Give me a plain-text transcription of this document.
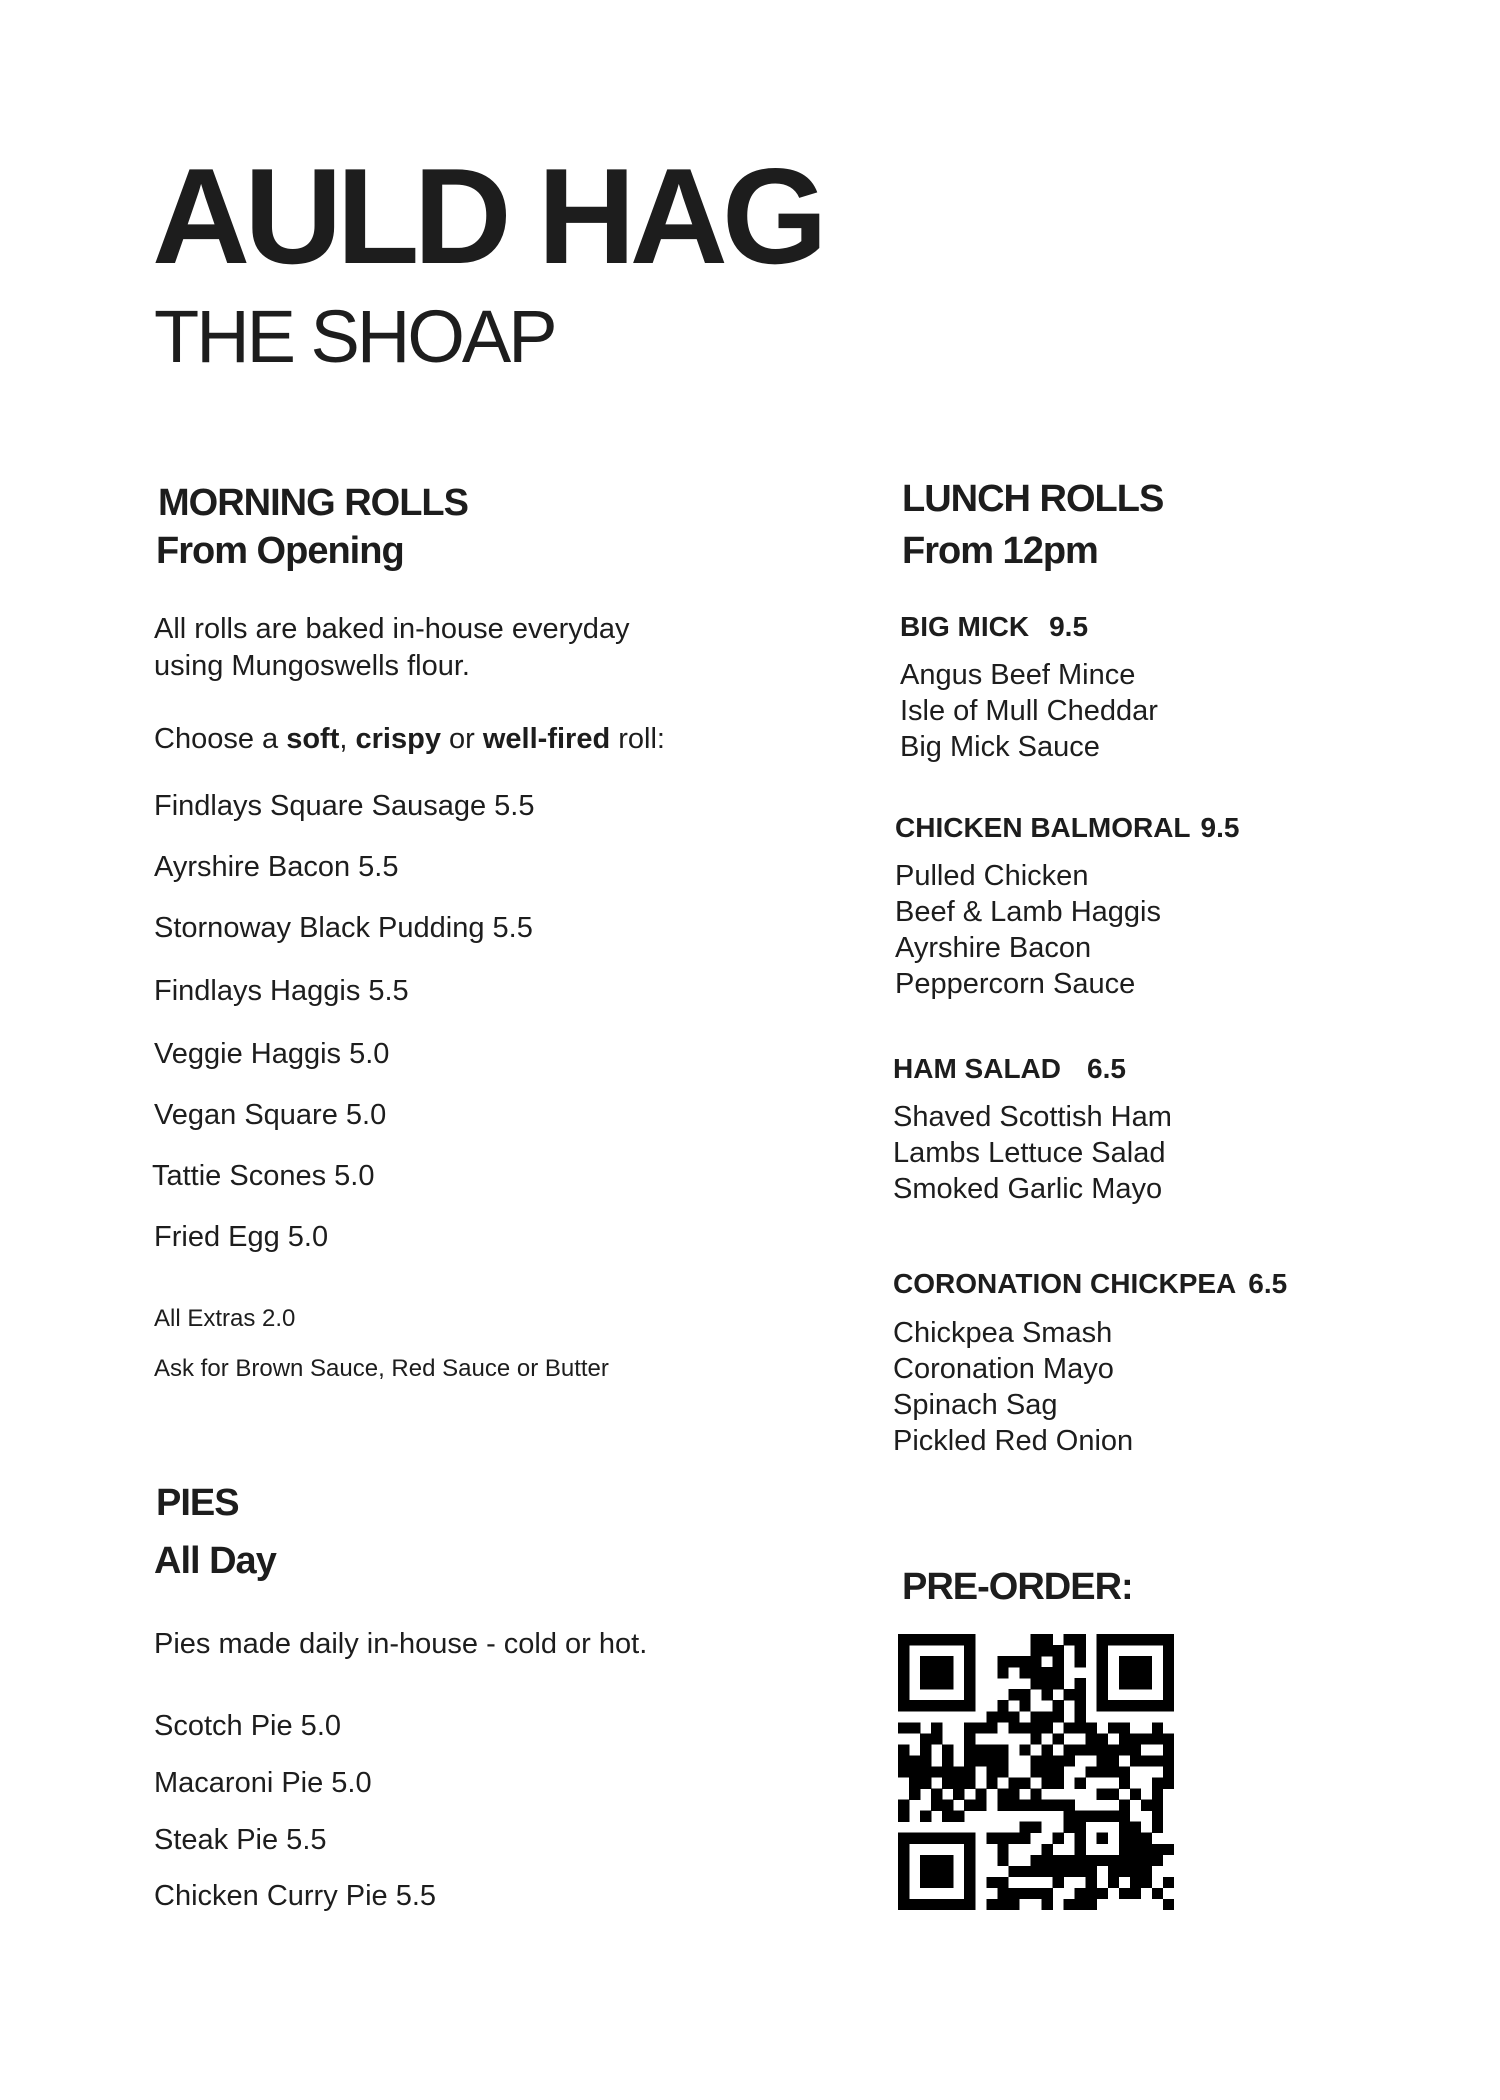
AULD HAG
THE SHOAP
MORNING ROLLS
From Opening
All rolls are baked in-house everyday
using Mungoswells flour.
Choose a soft, crispy or well-fired roll:
Findlays Square Sausage 5.5
Ayrshire Bacon 5.5
Stornoway Black Pudding 5.5
Findlays Haggis 5.5
Veggie Haggis 5.0
Vegan Square 5.0
Tattie Scones 5.0
Fried Egg 5.0
All Extras 2.0
Ask for Brown Sauce, Red Sauce or Butter
PIES
All Day
Pies made daily in-house - cold or hot.
Scotch Pie 5.0
Macaroni Pie 5.0
Steak Pie 5.5
Chicken Curry Pie 5.5
LUNCH ROLLS
From 12pm
BIG MICK 9.5
Angus Beef Mince
Isle of Mull Cheddar
Big Mick Sauce
CHICKEN BALMORAL 9.5
Pulled Chicken
Beef & Lamb Haggis
Ayrshire Bacon
Peppercorn Sauce
HAM SALAD 6.5
Shaved Scottish Ham
Lambs Lettuce Salad
Smoked Garlic Mayo
CORONATION CHICKPEA 6.5
Chickpea Smash
Coronation Mayo
Spinach Sag
Pickled Red Onion
PRE-ORDER:
